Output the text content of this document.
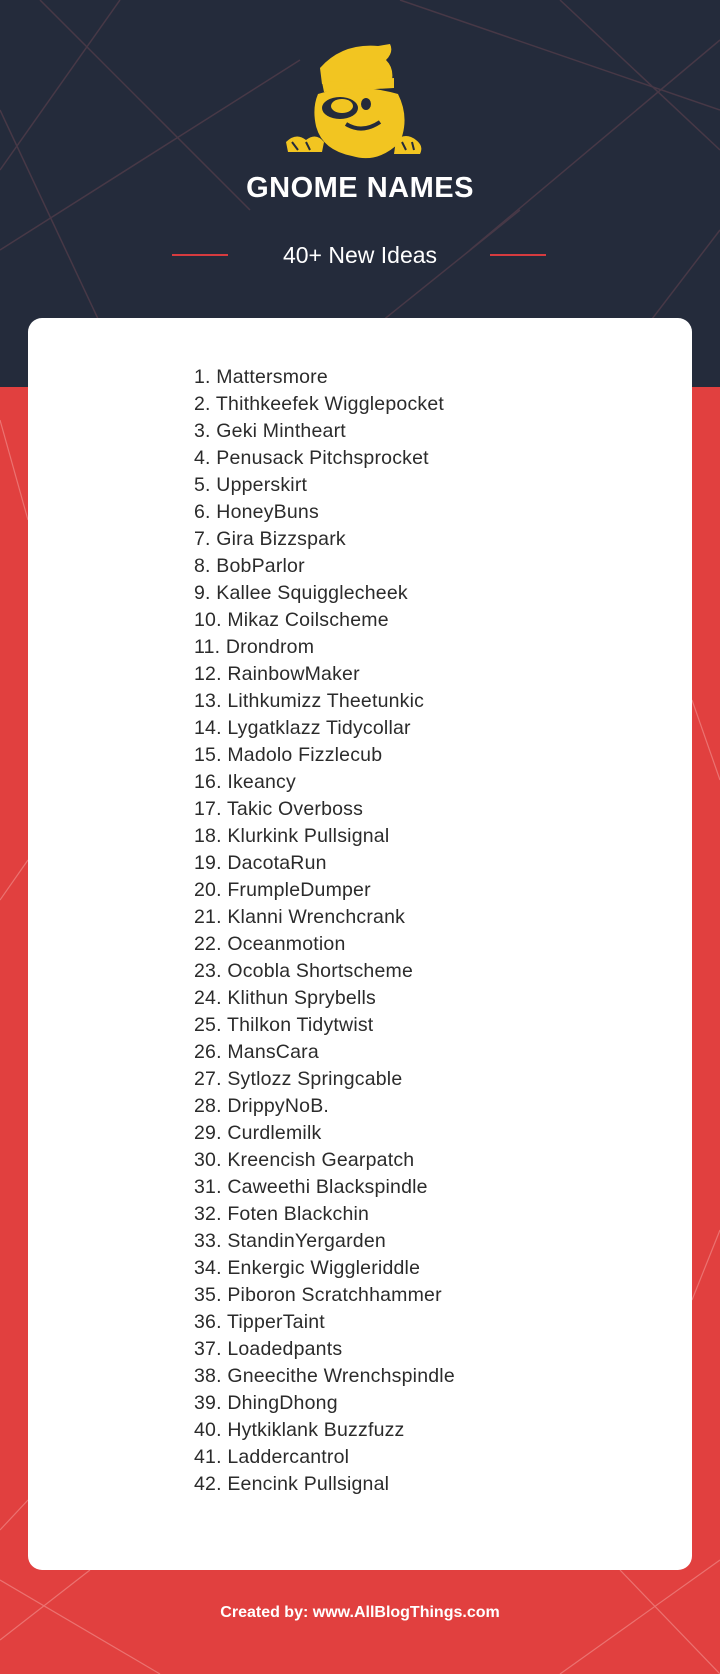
GNOME NAMES
40+ New Ideas
1. Mattersmore
2. Thithkeefek Wigglepocket
3. Geki Mintheart
4. Penusack Pitchsprocket
5. Upperskirt
6. HoneyBuns
7. Gira Bizzspark
8. BobParlor
9. Kallee Squigglecheek
10. Mikaz Coilscheme
11. Drondrom
12. RainbowMaker
13. Lithkumizz Theetunkic
14. Lygatklazz Tidycollar
15. Madolo Fizzlecub
16. Ikeancy
17. Takic Overboss
18. Klurkink Pullsignal
19. DacotaRun
20. FrumpleDumper
21. Klanni Wrenchcrank
22. Oceanmotion
23. Ocobla Shortscheme
24. Klithun Sprybells
25. Thilkon Tidytwist
26. MansCara
27. Sytlozz Springcable
28. DrippyNoB.
29. Curdlemilk
30. Kreencish Gearpatch
31. Caweethi Blackspindle
32. Foten Blackchin
33. StandinYergarden
34. Enkergic Wiggleriddle
35. Piboron Scratchhammer
36. TipperTaint
37. Loadedpants
38. Gneecithe Wrenchspindle
39. DhingDhong
40. Hytkiklank Buzzfuzz
41. Laddercantrol
42. Eencink Pullsignal
Created by: www.AllBlogThings.com
